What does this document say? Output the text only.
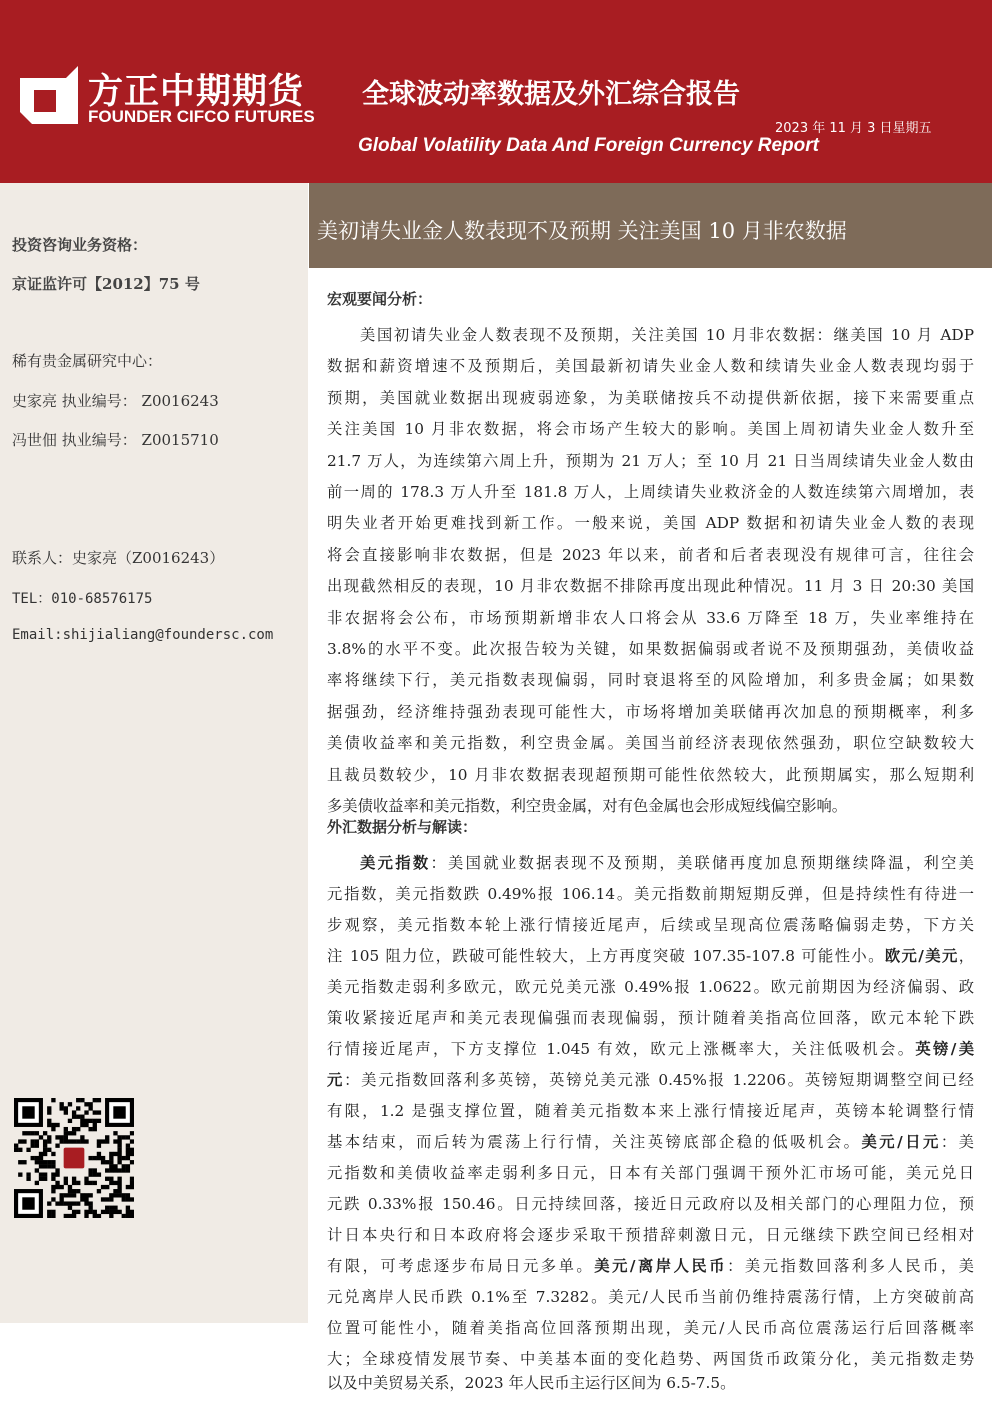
方正中期期货
FOUNDER CIFCO FUTURES
全球波动率数据及外汇综合报告
2023 年 11 月 3 日星期五
Global Volatility Data And Foreign Currency Report
投资咨询业务资格：
京证监许可【2012】75 号
稀有贵金属研究中心：
史家亮 执业编号： Z0016243
冯世佃 执业编号： Z0015710
联系人：史家亮（Z0016243）
TEL：010-68576175
Email:shijialiang@foundersc.com
美初请失业金人数表现不及预期 关注美国 10 月非农数据
宏观要闻分析：
美国初请失业金人数表现不及预期，关注美国 10 月非农数据：继美国 10 月 ADP
数据和薪资增速不及预期后，美国最新初请失业金人数和续请失业金人数表现均弱于
预期，美国就业数据出现疲弱迹象，为美联储按兵不动提供新依据，接下来需要重点
关注美国 10 月非农数据，将会市场产生较大的影响。美国上周初请失业金人数升至
21.7 万人，为连续第六周上升，预期为 21 万人；至 10 月 21 日当周续请失业金人数由
前一周的 178.3 万人升至 181.8 万人，上周续请失业救济金的人数连续第六周增加，表
明失业者开始更难找到新工作。一般来说，美国 ADP 数据和初请失业金人数的表现
将会直接影响非农数据，但是 2023 年以来，前者和后者表现没有规律可言，往往会
出现截然相反的表现，10 月非农数据不排除再度出现此种情况。11 月 3 日 20:30 美国
非农据将会公布，市场预期新增非农人口将会从 33.6 万降至 18 万，失业率维持在
3.8%的水平不变。此次报告较为关键，如果数据偏弱或者说不及预期强劲，美债收益
率将继续下行，美元指数表现偏弱，同时衰退将至的风险增加，利多贵金属；如果数
据强劲，经济维持强劲表现可能性大，市场将增加美联储再次加息的预期概率，利多
美债收益率和美元指数，利空贵金属。美国当前经济表现依然强劲，职位空缺数较大
且裁员数较少，10 月非农数据表现超预期可能性依然较大，此预期属实，那么短期利
多美债收益率和美元指数，利空贵金属，对有色金属也会形成短线偏空影响。
外汇数据分析与解读：
美元指数：美国就业数据表现不及预期，美联储再度加息预期继续降温，利空美
元指数，美元指数跌 0.49%报 106.14。美元指数前期短期反弹，但是持续性有待进一
步观察，美元指数本轮上涨行情接近尾声，后续或呈现高位震荡略偏弱走势，下方关
注 105 阻力位，跌破可能性较大，上方再度突破 107.35-107.8 可能性小。欧元/美元，
美元指数走弱利多欧元，欧元兑美元涨 0.49%报 1.0622。欧元前期因为经济偏弱、政
策收紧接近尾声和美元表现偏强而表现偏弱，预计随着美指高位回落，欧元本轮下跌
行情接近尾声，下方支撑位 1.045 有效，欧元上涨概率大，关注低吸机会。英镑/美
元：美元指数回落利多英镑，英镑兑美元涨 0.45%报 1.2206。英镑短期调整空间已经
有限，1.2 是强支撑位置，随着美元指数本来上涨行情接近尾声，英镑本轮调整行情
基本结束，而后转为震荡上行行情，关注英镑底部企稳的低吸机会。美元/日元：美
元指数和美债收益率走弱利多日元，日本有关部门强调干预外汇市场可能，美元兑日
元跌 0.33%报 150.46。日元持续回落，接近日元政府以及相关部门的心理阻力位，预
计日本央行和日本政府将会逐步采取干预措辞刺激日元，日元继续下跌空间已经相对
有限，可考虑逐步布局日元多单。美元/离岸人民币：美元指数回落利多人民币，美
元兑离岸人民币跌 0.1%至 7.3282。美元/人民币当前仍维持震荡行情，上方突破前高
位置可能性小，随着美指高位回落预期出现，美元/人民币高位震荡运行后回落概率
大；全球疫情发展节奏、中美基本面的变化趋势、两国货币政策分化，美元指数走势
以及中美贸易关系，2023 年人民币主运行区间为 6.5-7.5。
